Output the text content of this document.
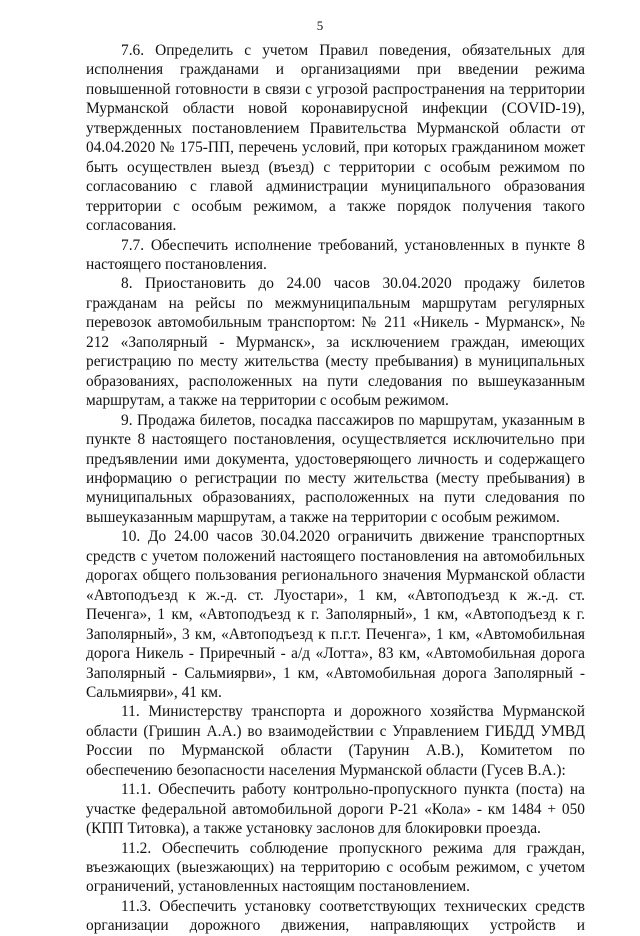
5

7.6. Определить с учетом Правил поведения, обязательных для исполнения гражданами и организациями при введении режима повышенной готовности в связи с угрозой распространения на территории Мурманской области новой коронавирусной инфекции (COVID-19), утвержденных постановлением Правительства Мурманской области от 04.04.2020 № 175-ПП, перечень условий, при которых гражданином может быть осуществлен выезд (въезд) с территории с особым режимом по согласованию с главой администрации муниципального образования территории с особым режимом, а также порядок получения такого согласования.

7.7. Обеспечить исполнение требований, установленных в пункте 8 настоящего постановления.

8. Приостановить до 24.00 часов 30.04.2020 продажу билетов гражданам на рейсы по межмуниципальным маршрутам регулярных перевозок автомобильным транспортом: № 211 «Никель - Мурманск», № 212 «Заполярный - Мурманск», за исключением граждан, имеющих регистрацию по месту жительства (месту пребывания) в муниципальных образованиях, расположенных на пути следования по вышеуказанным маршрутам, а также на территории с особым режимом.

9. Продажа билетов, посадка пассажиров по маршрутам, указанным в пункте 8 настоящего постановления, осуществляется исключительно при предъявлении ими документа, удостоверяющего личность и содержащего информацию о регистрации по месту жительства (месту пребывания) в муниципальных образованиях, расположенных на пути следования по вышеуказанным маршрутам, а также на территории с особым режимом.

10. До 24.00 часов 30.04.2020 ограничить движение транспортных средств с учетом положений настоящего постановления на автомобильных дорогах общего пользования регионального значения Мурманской области «Автоподъезд к ж.-д. ст. Луостари», 1 км, «Автоподъезд к ж.-д. ст. Печенга», 1 км, «Автоподъезд к г. Заполярный», 1 км, «Автоподъезд к г. Заполярный», 3 км, «Автоподъезд к п.г.т. Печенга», 1 км, «Автомобильная дорога Никель - Приречный - а/д «Лотта», 83 км, «Автомобильная дорога Заполярный - Сальмиярви», 1 км, «Автомобильная дорога Заполярный - Сальмиярви», 41 км.

11. Министерству транспорта и дорожного хозяйства Мурманской области (Гришин А.А.) во взаимодействии с Управлением ГИБДД УМВД России по Мурманской области (Тарунин А.В.), Комитетом по обеспечению безопасности населения Мурманской области (Гусев В.А.):

11.1. Обеспечить работу контрольно-пропускного пункта (поста) на участке федеральной автомобильной дороги Р-21 «Кола» - км 1484 + 050 (КПП Титовка), а также установку заслонов для блокировки проезда.

11.2. Обеспечить соблюдение пропускного режима для граждан, въезжающих (выезжающих) на территорию с особым режимом, с учетом ограничений, установленных настоящим постановлением.

11.3. Обеспечить установку соответствующих технических средств организации дорожного движения, направляющих устройств и
